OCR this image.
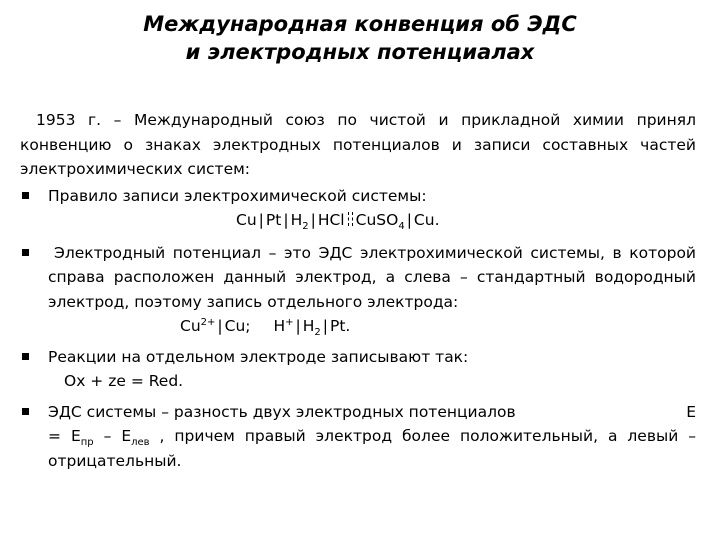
Международная конвенция об ЭДС
и электродных потенциалах
1953 г. – Международный союз по чистой и прикладной химии принял конвенцию о знаках электродных потенциалов и записи составных частей электрохимических систем:
Правило записи электрохимической системы:
Cu | Pt | $H_2$ | HCl CuSO$_4$ | Cu.
Электродный потенциал – это ЭДС электрохимической системы, в которой справа расположен данный электрод, а слева – стандартный водородный электрод, поэтому запись отдельного электрода:
$Cu^{2+}$ | Cu; H+ | $H_2$ | Pt.
Реакции на отдельном электроде записывают так:
Ox + ze = Red.
ЭДС системы – разность двух электродных потенциалов	E
= $E_{пр} - E_{лев}$ , причем правый электрод более положительный, а левый – отрицательный.
